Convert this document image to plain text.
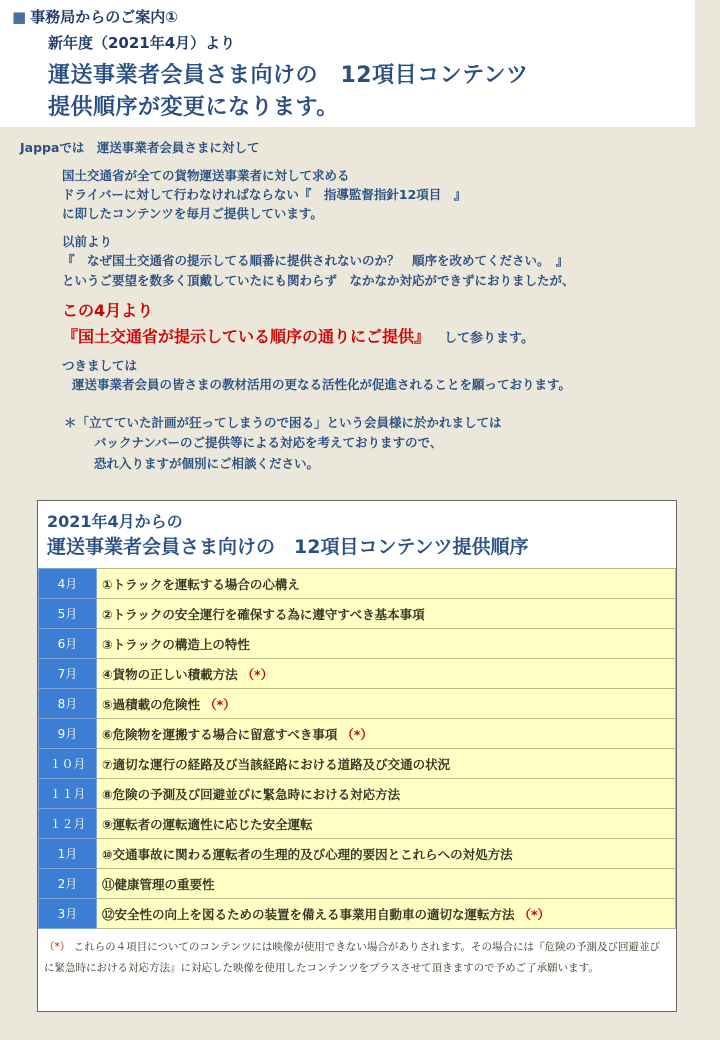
■ 事務局からのご案内①
新年度（2021年4月）より
運送事業者会員さま向けの　12項目コンテンツ
提供順序が変更になります。
Jappaでは　運送事業者会員さまに対して
国土交通省が全ての貨物運送事業者に対して求める
ドライバーに対して行わなければならない『　指導監督指針12項目　』
に即したコンテンツを毎月ご提供しています。
以前より
『　なぜ国土交通省の提示してる順番に提供されないのか？　順序を改めてください。　』
というご要望を数多く頂戴していたにも関わらず　なかなか対応ができずにおりましたが、
この4月より
『国土交通省が提示している順序の通りにご提供』 して参ります。
つきましては
運送事業者会員の皆さまの教材活用の更なる活性化が促進されることを願っております。
＊「立てていた計画が狂ってしまうので困る」という会員様に於かれましては
バックナンバーのご提供等による対応を考えておりますので、
恐れ入りますが個別にご相談ください。
2021年4月からの
運送事業者会員さま向けの　12項目コンテンツ提供順序
4月	①トラックを運転する場合の心構え
5月	②トラックの安全運行を確保する為に遵守すべき基本事項
6月	③トラックの構造上の特性
7月	④貨物の正しい積載方法 （*）
8月	⑤過積載の危険性 （*）
9月	⑥危険物を運搬する場合に留意すべき事項 （*）
１０月	⑦適切な運行の経路及び当該経路における道路及び交通の状況
１１月	⑧危険の予測及び回避並びに緊急時における対応方法
１２月	⑨運転者の運転適性に応じた安全運転
1月	⑩交通事故に関わる運転者の生理的及び心理的要因とこれらへの対処方法
2月	⑪健康管理の重要性
3月	⑫安全性の向上を図るための装置を備える事業用自動車の適切な運転方法 （*）
（*） これらの４項目についてのコンテンツには映像が使用できない場合がありされます。その場合には『危険の予測及び回避並びに緊急時における対応方法』に対応した映像を使用したコンテンツをプラスさせて頂きますので予めご了承願います。
